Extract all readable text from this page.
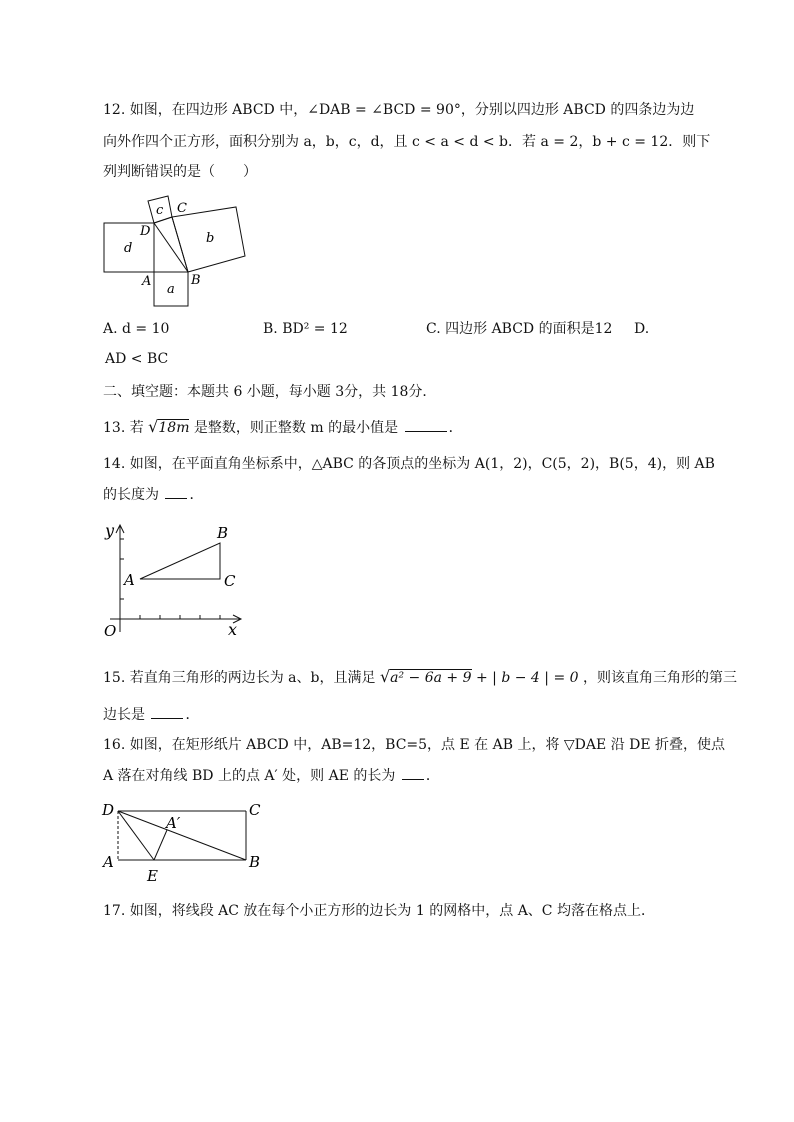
12. 如图，在四边形 ABCD 中，∠DAB = ∠BCD = 90°，分别以四边形 ABCD 的四条边为边
向外作四个正方形，面积分别为 a，b，c，d，且 c < a < d < b．若 a = 2，b + c = 12．则下
列判断错误的是（　　）
c C
D
d
b
A
a
B
A. d = 10	B. BD² = 12	C. 四边形 ABCD 的面积是12 D.
AD < BC
二、填空题：本题共 6 小题，每小题 3分，共 18分．
13. 若 √18m 是整数，则正整数 m 的最小值是	．
14. 如图，在平面直角坐标系中，△ABC 的各顶点的坐标为 A(1，2)，C(5，2)，B(5，4)，则 AB
的长度为 ．
y	B
A	C
O	x
15. 若直角三角形的两边长为 a、b，且满足 √a² − 6a + 9 + | b − 4 | = 0 ，则该直角三角形的第三
边长是	．
16. 如图，在矩形纸片 ABCD 中，AB=12，BC=5，点 E 在 AB 上，将 ▽DAE 沿 DE 折叠，使点
A 落在对角线 BD 上的点 A′ 处，则 AE 的长为 ．
D	C
A′
A	B
E
17. 如图，将线段 AC 放在每个小正方形的边长为 1 的网格中，点 A、C 均落在格点上．
